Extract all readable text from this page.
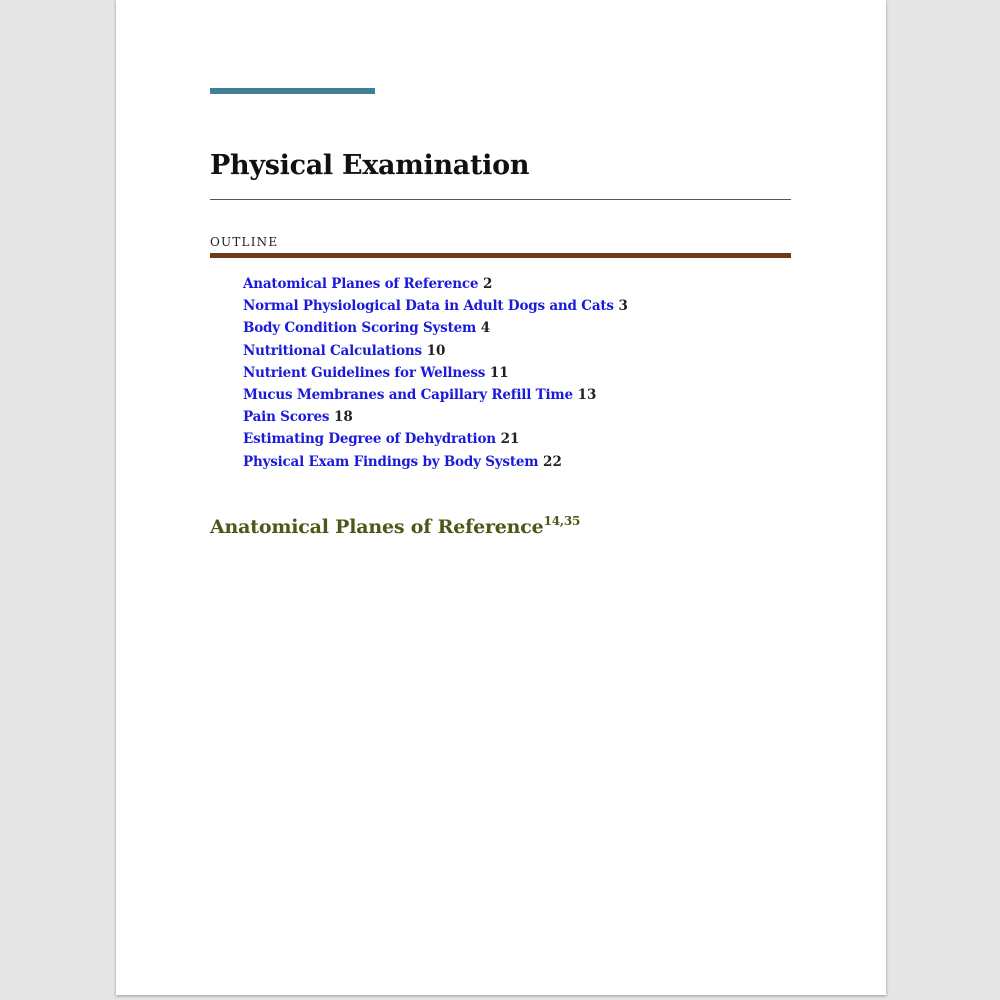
Physical Examination
OUTLINE
Anatomical Planes of Reference 2
Normal Physiological Data in Adult Dogs and Cats 3
Body Condition Scoring System 4
Nutritional Calculations 10
Nutrient Guidelines for Wellness 11
Mucus Membranes and Capillary Refill Time 13
Pain Scores 18
Estimating Degree of Dehydration 21
Physical Exam Findings by Body System 22
Anatomical Planes of Reference$^{14,35}$
